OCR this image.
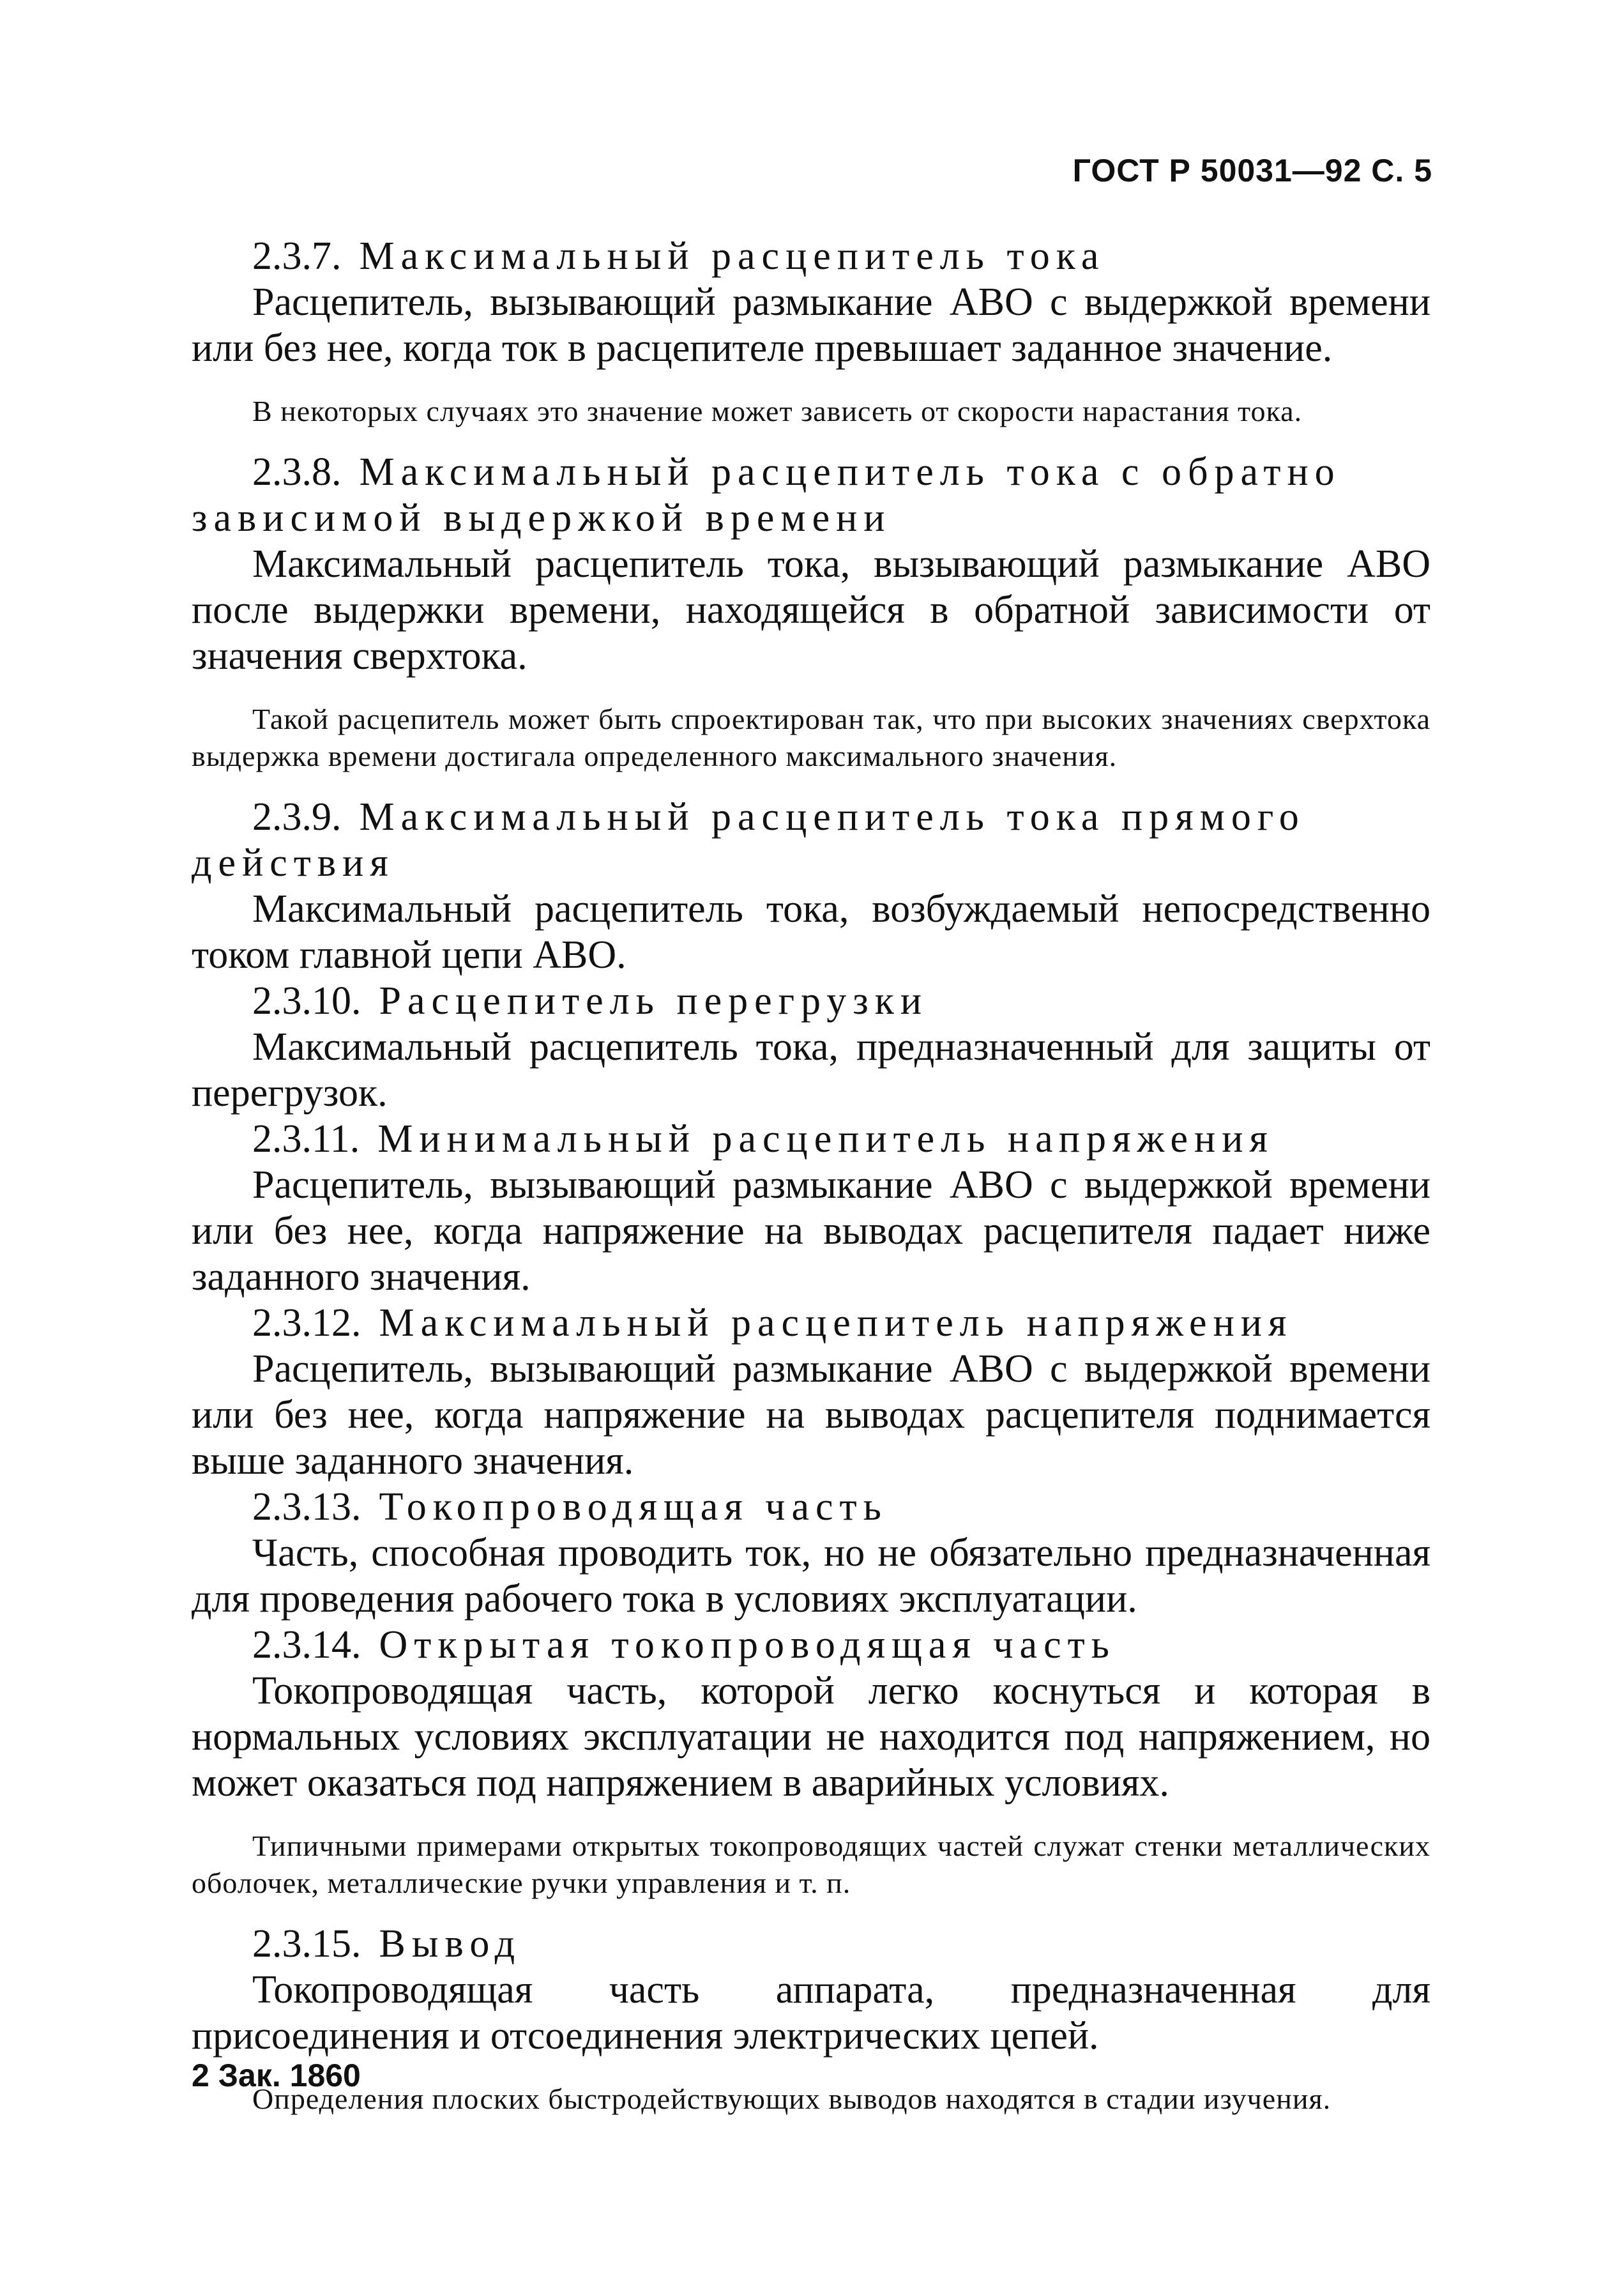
ГОСТ Р 50031—92 С. 5

2.3.7. Максимальный расцепитель тока

Расцепитель, вызывающий размыкание АВО с выдержкой времени или без нее, когда ток в расцепителе превышает заданное значение.

В некоторых случаях это значение может зависеть от скорости нарастания тока.

2.3.8. Максимальный расцепитель тока с обратно зависимой выдержкой времени

Максимальный расцепитель тока, вызывающий размыкание АВО после выдержки времени, находящейся в обратной зависимости от значения сверхтока.

Такой расцепитель может быть спроектирован так, что при высоких значениях сверхтока выдержка времени достигала определенного максимального значения.

2.3.9. Максимальный расцепитель тока прямого действия

Максимальный расцепитель тока, возбуждаемый непосредственно током главной цепи АВО.

2.3.10. Расцепитель перегрузки

Максимальный расцепитель тока, предназначенный для защиты от перегрузок.

2.3.11. Минимальный расцепитель напряжения

Расцепитель, вызывающий размыкание АВО с выдержкой времени или без нее, когда напряжение на выводах расцепителя падает ниже заданного значения.

2.3.12. Максимальный расцепитель напряжения

Расцепитель, вызывающий размыкание АВО с выдержкой времени или без нее, когда напряжение на выводах расцепителя поднимается выше заданного значения.

2.3.13. Токопроводящая часть

Часть, способная проводить ток, но не обязательно предназначенная для проведения рабочего тока в условиях эксплуатации.

2.3.14. Открытая токопроводящая часть

Токопроводящая часть, которой легко коснуться и которая в нормальных условиях эксплуатации не находится под напряжением, но может оказаться под напряжением в аварийных условиях.

Типичными примерами открытых токопроводящих частей служат стенки металлических оболочек, металлические ручки управления и т. п.

2.3.15. Вывод

Токопроводящая часть аппарата, предназначенная для присоединения и отсоединения электрических цепей.

Определения плоских быстродействующих выводов находятся в стадии изучения.

2 Зак. 1860
